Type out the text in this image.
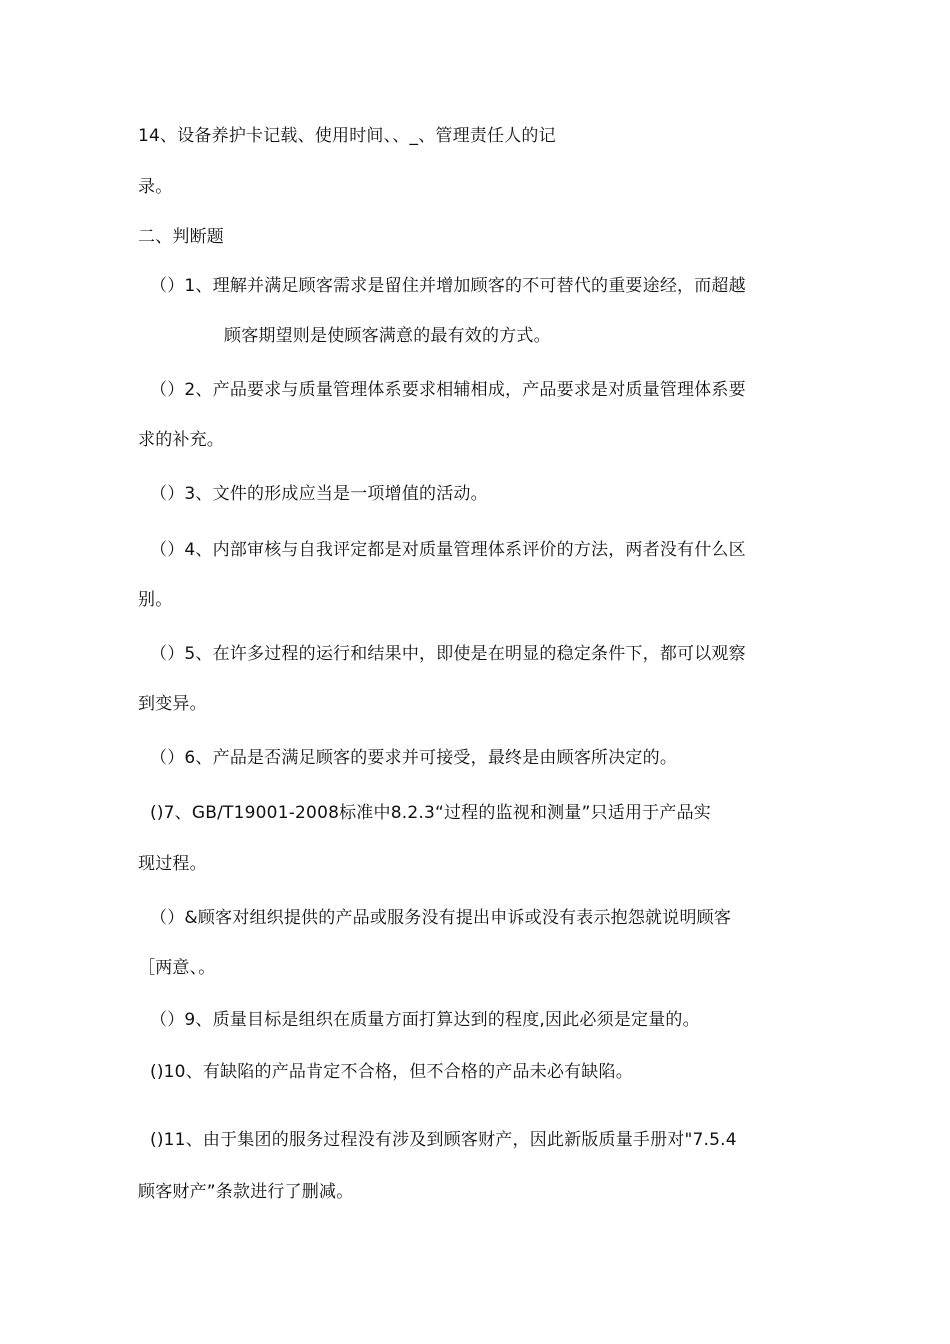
14、设备养护卡记载、使用时间、、_、管理责任人的记
录。
二、判断题
（）1、理解并满足顾客需求是留住并增加顾客的不可替代的重要途经，而超越
顾客期望则是使顾客满意的最有效的方式。
（）2、产品要求与质量管理体系要求相辅相成，产品要求是对质量管理体系要
求的补充。
（）3、文件的形成应当是一项增值的活动。
（）4、内部审核与自我评定都是对质量管理体系评价的方法，两者没有什么区
别。
（）5、在许多过程的运行和结果中，即使是在明显的稳定条件下，都可以观察
到变异。
（）6、产品是否满足顾客的要求并可接受，最终是由顾客所决定的。
()7、GB/T19001-2008标准中8.2.3“过程的监视和测量”只适用于产品实
现过程。
（）&顾客对组织提供的产品或服务没有提出申诉或没有表示抱怨就说明顾客
［两意、。
（）9、质量目标是组织在质量方面打算达到的程度,因此必须是定量的。
()10、有缺陷的产品肯定不合格，但不合格的产品未必有缺陷。
()11、由于集团的服务过程没有涉及到顾客财产，因此新版质量手册对"7.5.4
顾客财产”条款进行了删减。
